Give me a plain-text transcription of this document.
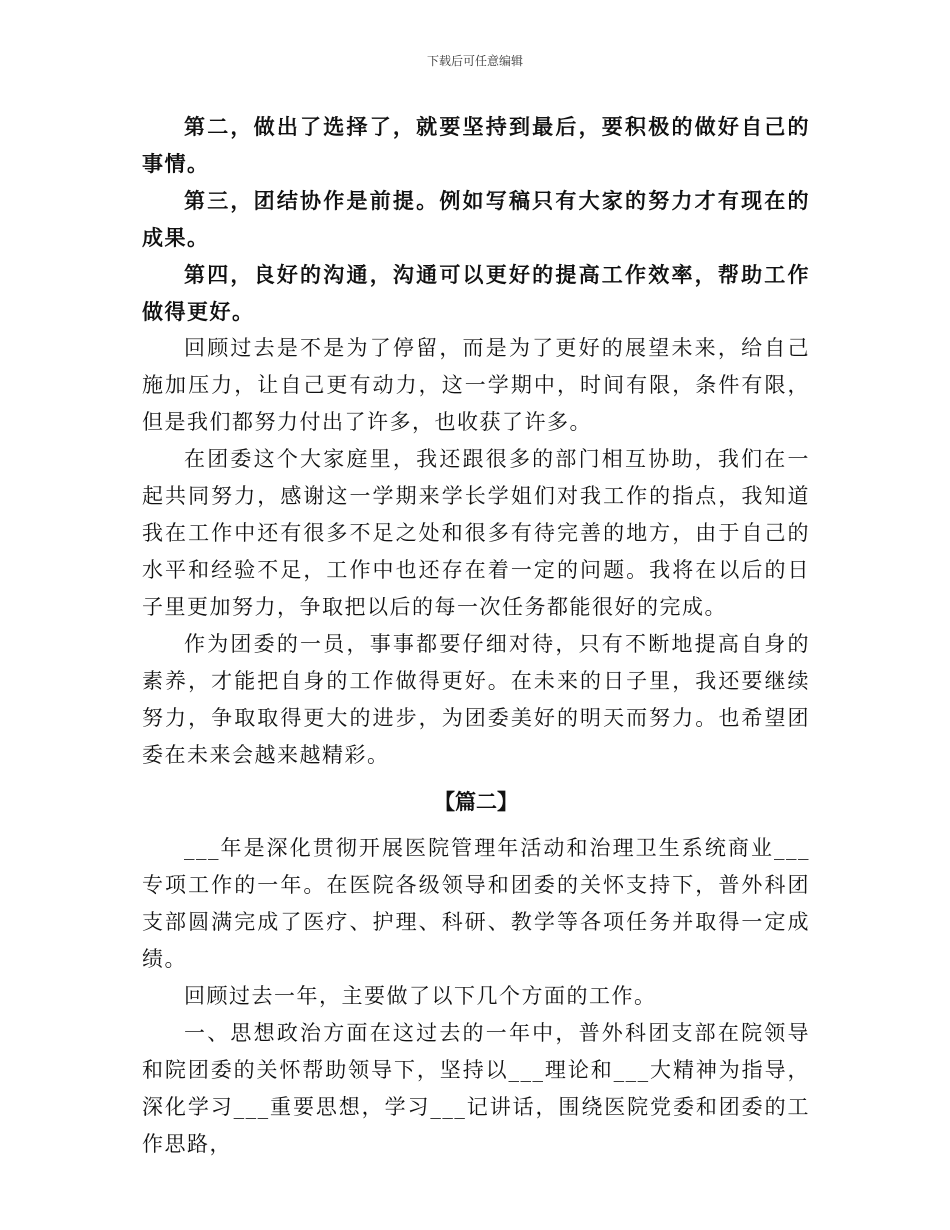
下载后可任意编辑

第二，做出了选择了，就要坚持到最后，要积极的做好自己的事情。

第三，团结协作是前提。例如写稿只有大家的努力才有现在的成果。

第四，良好的沟通，沟通可以更好的提高工作效率，帮助工作做得更好。

回顾过去是不是为了停留，而是为了更好的展望未来，给自己施加压力，让自己更有动力，这一学期中，时间有限，条件有限，但是我们都努力付出了许多，也收获了许多。

在团委这个大家庭里，我还跟很多的部门相互协助，我们在一起共同努力，感谢这一学期来学长学姐们对我工作的指点，我知道我在工作中还有很多不足之处和很多有待完善的地方，由于自己的水平和经验不足，工作中也还存在着一定的问题。我将在以后的日子里更加努力，争取把以后的每一次任务都能很好的完成。

作为团委的一员，事事都要仔细对待，只有不断地提高自身的素养，才能把自身的工作做得更好。在未来的日子里，我还要继续努力，争取取得更大的进步，为团委美好的明天而努力。也希望团委在未来会越来越精彩。

【篇二】

___年是深化贯彻开展医院管理年活动和治理卫生系统商业___专项工作的一年。在医院各级领导和团委的关怀支持下，普外科团支部圆满完成了医疗、护理、科研、教学等各项任务并取得一定成绩。

回顾过去一年，主要做了以下几个方面的工作。

一、思想政治方面在这过去的一年中，普外科团支部在院领导和院团委的关怀帮助领导下，坚持以___理论和___大精神为指导，深化学习___重要思想，学习___记讲话，围绕医院党委和团委的工作思路，
